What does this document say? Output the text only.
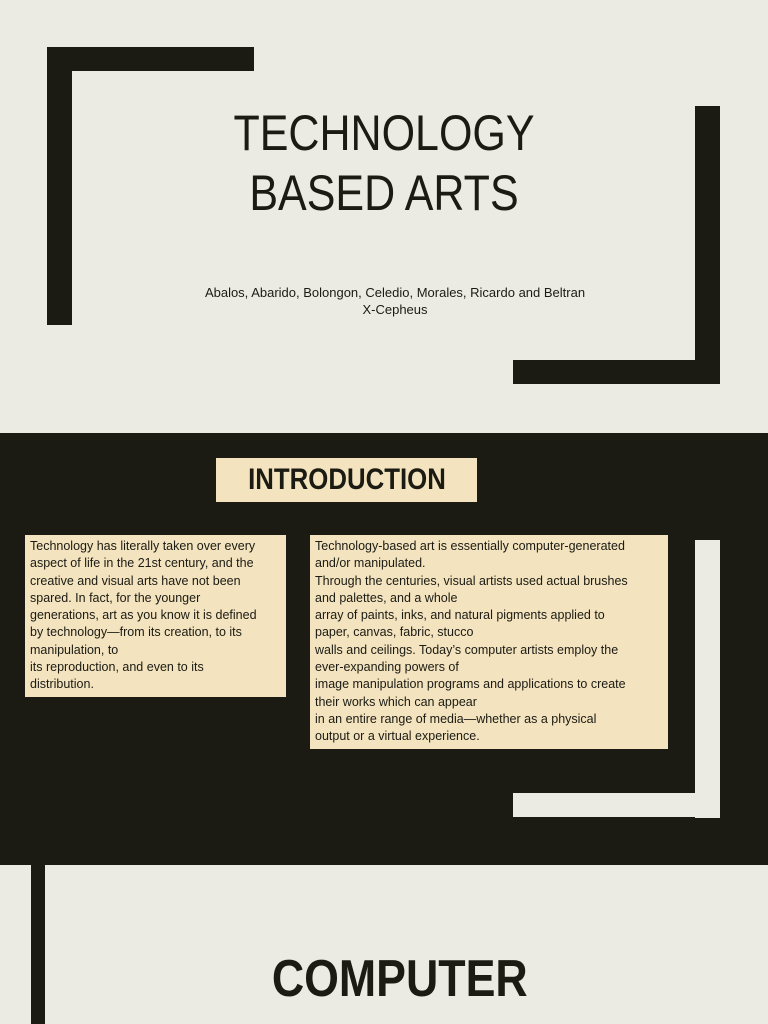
TECHNOLOGY
BASED ARTS
Abalos, Abarido, Bolongon, Celedio, Morales, Ricardo and Beltran
X-Cepheus
INTRODUCTION

Technology has literally taken over every

aspect of life in the 21st century, and the

creative and visual arts have not been

spared. In fact, for the younger

generations, art as you know it is defined

by technology—from its creation, to its

manipulation, to

its reproduction, and even to its

distribution.

Technology-based art is essentially computer-generated

and/or manipulated.

Through the centuries, visual artists used actual brushes

and palettes, and a whole

array of paints, inks, and natural pigments applied to

paper, canvas, fabric, stucco

walls and ceilings. Today’s computer artists employ the

ever-expanding powers of

image manipulation programs and applications to create

their works which can appear

in an entire range of media—whether as a physical

output or a virtual experience.

COMPUTER
